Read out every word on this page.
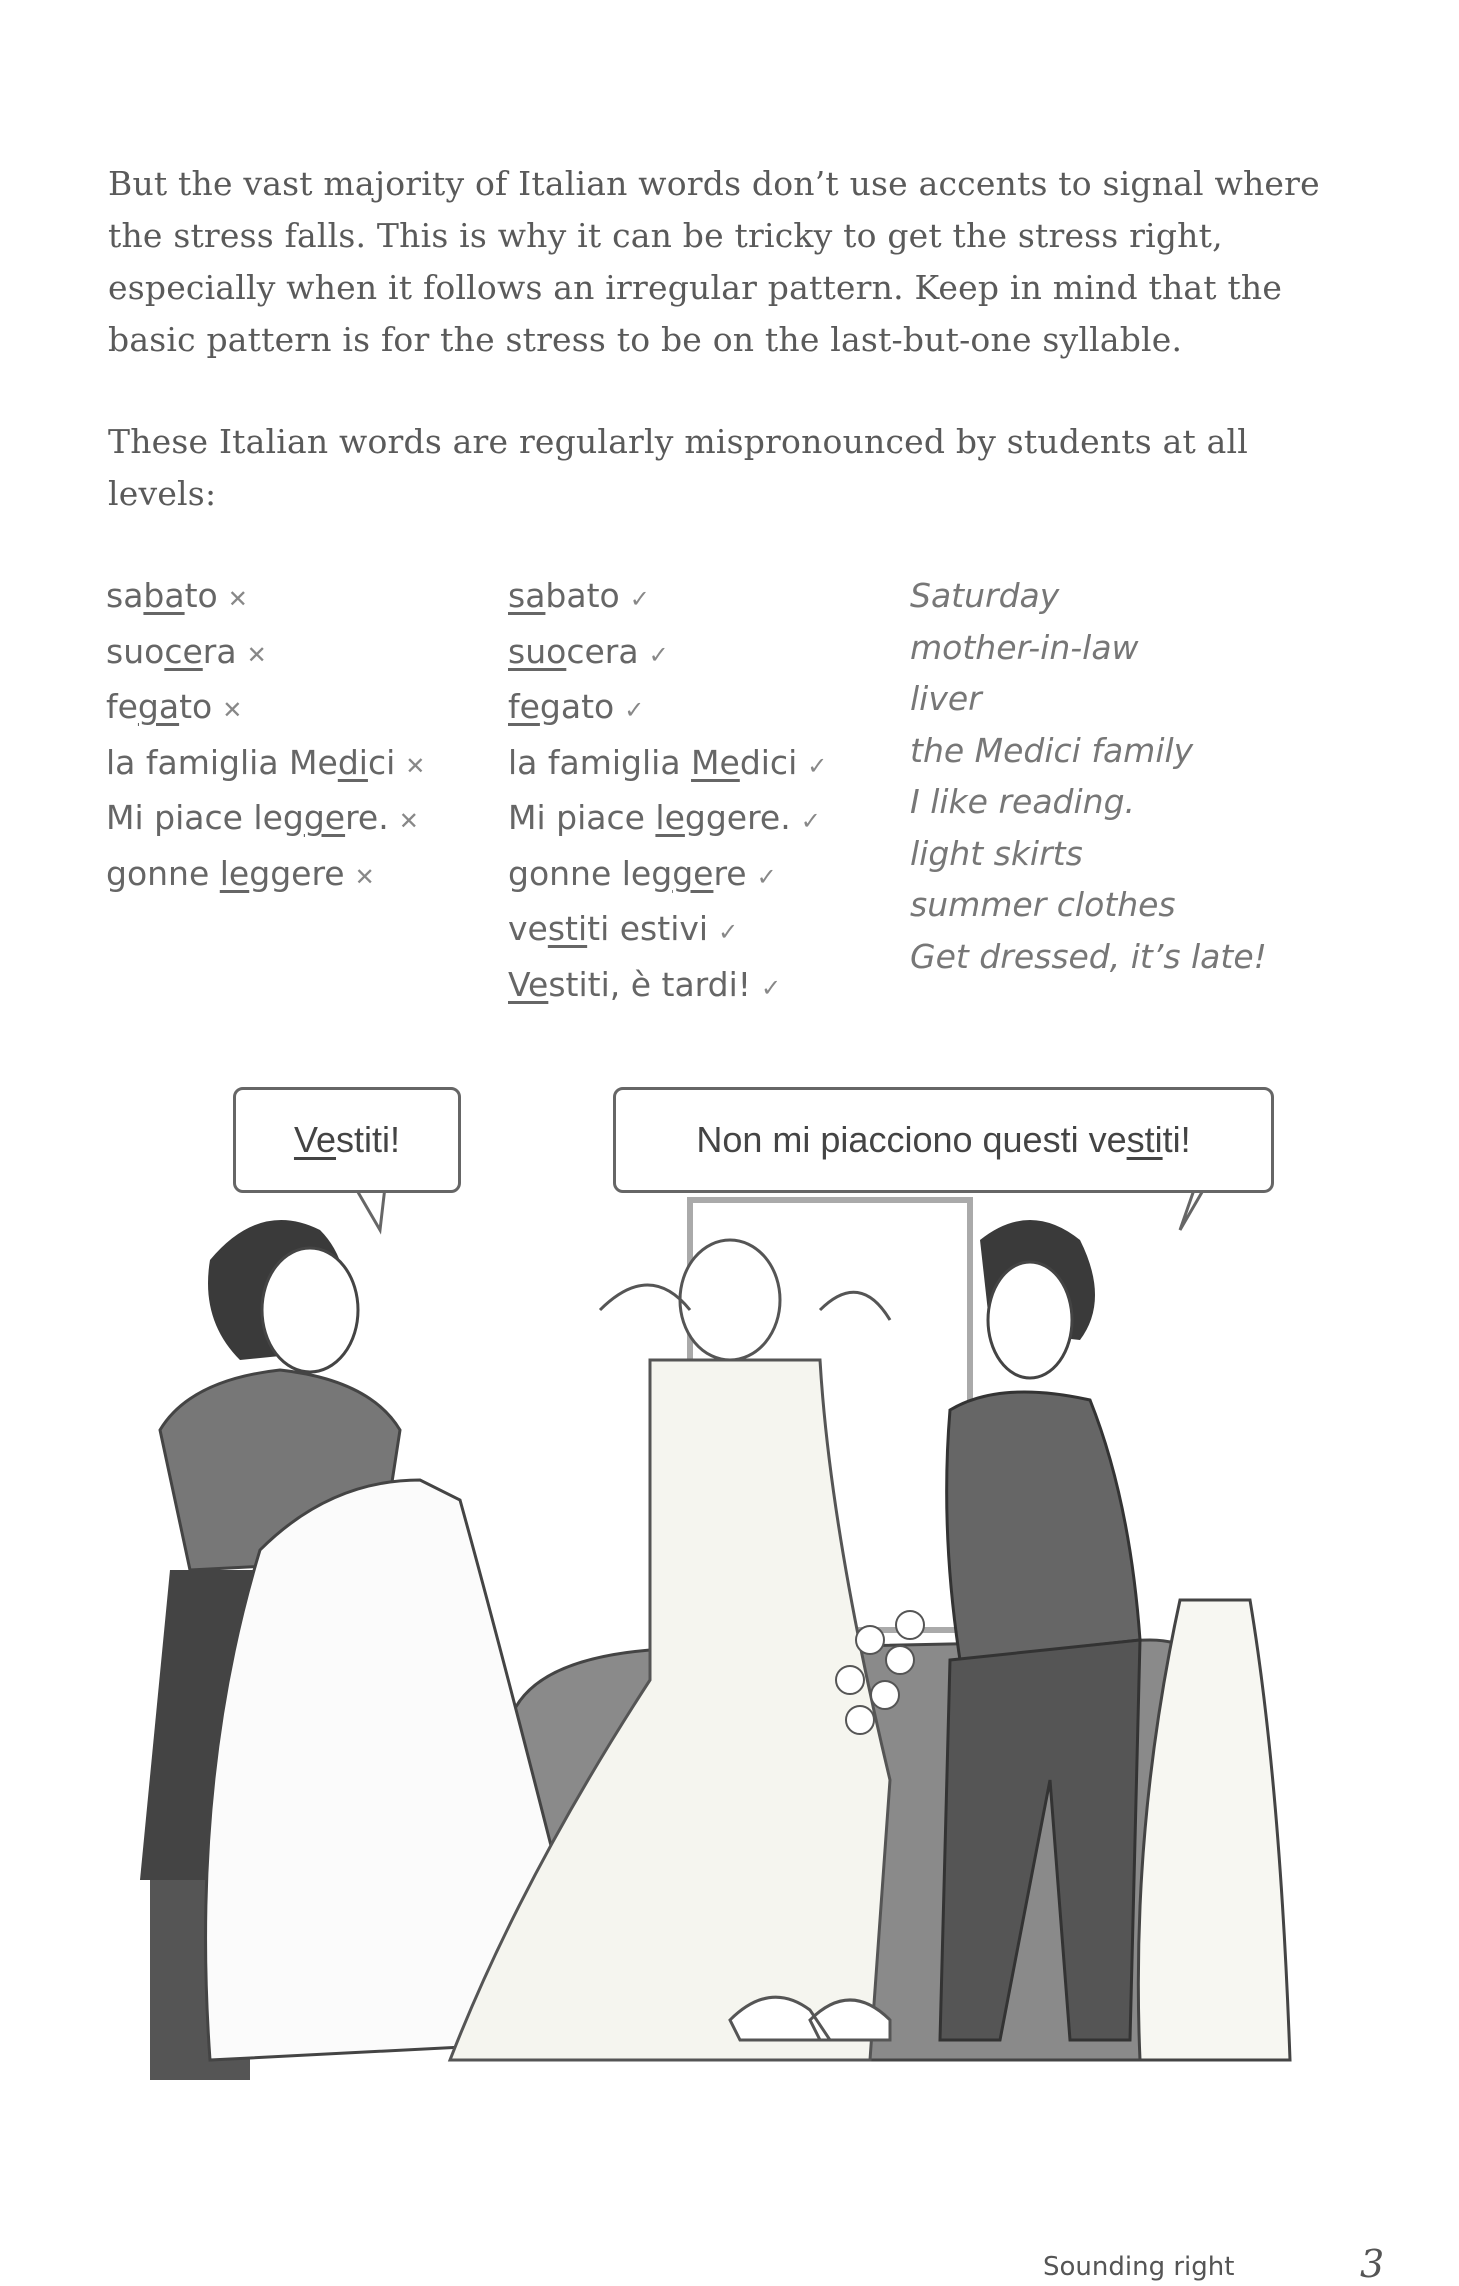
But the vast majority of Italian words don’t use accents to signal where the stress falls. This is why it can be tricky to get the stress right, especially when it follows an irregular pattern. Keep in mind that the basic pattern is for the stress to be on the last-but-one syllable.
These Italian words are regularly mispronounced by students at all levels:
sabato ✕
suocera ✕
fegato ✕
la famiglia Medici ✕
Mi piace leggere. ✕
gonne leggere ✕
sabato ✓
suocera ✓
fegato ✓
la famiglia Medici ✓
Mi piace leggere. ✓
gonne leggere ✓
vestiti estivi ✓
Vestiti, è tardi! ✓
Saturday
mother-in-law
liver
the Medici family
I like reading.
light skirts
summer clothes
Get dressed, it’s late!
Ve stiti!	Non mi piacciono questi ve sti ti!
Sounding right	3
